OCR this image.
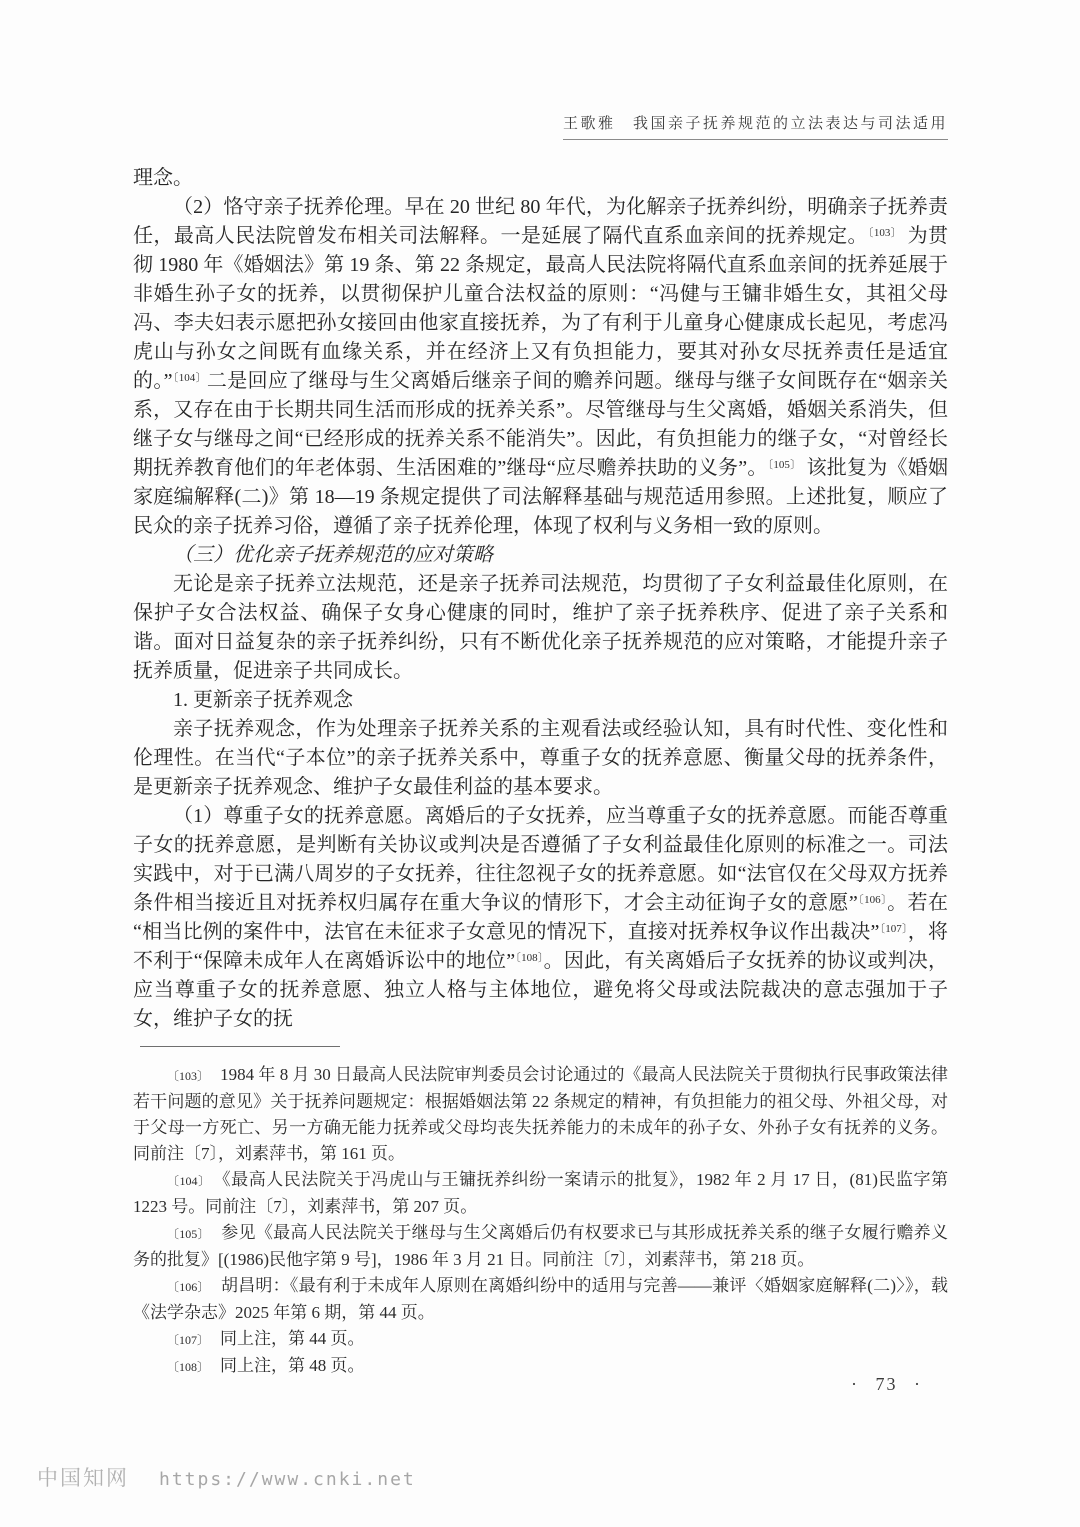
王歌雅　我国亲子抚养规范的立法表达与司法适用

理念。

（2）恪守亲子抚养伦理。早在 20 世纪 80 年代，为化解亲子抚养纠纷，明确亲子抚养责任，最高人民法院曾发布相关司法解释。一是延展了隔代直系血亲间的抚养规定。$^{〔103〕}$ 为贯彻 1980 年《婚姻法》第 19 条、第 22 条规定，最高人民法院将隔代直系血亲间的抚养延展于非婚生孙子女的抚养，以贯彻保护儿童合法权益的原则：“冯健与王镛非婚生女，其祖父母冯、李夫妇表示愿把孙女接回由他家直接抚养，为了有利于儿童身心健康成长起见，考虑冯虎山与孙女之间既有血缘关系，并在经济上又有负担能力，要其对孙女尽抚养责任是适宜的。”$^{〔104〕}$二是回应了继母与生父离婚后继亲子间的赡养问题。继母与继子女间既存在“姻亲关系，又存在由于长期共同生活而形成的抚养关系”。尽管继母与生父离婚，婚姻关系消失，但继子女与继母之间“已经形成的抚养关系不能消失”。因此，有负担能力的继子女，“对曾经长期抚养教育他们的年老体弱、生活困难的”继母“应尽赡养扶助的义务”。$^{〔105〕}$ 该批复为《婚姻家庭编解释(二)》第 18—19 条规定提供了司法解释基础与规范适用参照。上述批复，顺应了民众的亲子抚养习俗，遵循了亲子抚养伦理，体现了权利与义务相一致的原则。

（三）优化亲子抚养规范的应对策略

无论是亲子抚养立法规范，还是亲子抚养司法规范，均贯彻了子女利益最佳化原则，在保护子女合法权益、确保子女身心健康的同时，维护了亲子抚养秩序、促进了亲子关系和谐。面对日益复杂的亲子抚养纠纷，只有不断优化亲子抚养规范的应对策略，才能提升亲子抚养质量，促进亲子共同成长。

1. 更新亲子抚养观念

亲子抚养观念，作为处理亲子抚养关系的主观看法或经验认知，具有时代性、变化性和伦理性。在当代“子本位”的亲子抚养关系中，尊重子女的抚养意愿、衡量父母的抚养条件，是更新亲子抚养观念、维护子女最佳利益的基本要求。

（1）尊重子女的抚养意愿。离婚后的子女抚养，应当尊重子女的抚养意愿。而能否尊重子女的抚养意愿，是判断有关协议或判决是否遵循了子女利益最佳化原则的标准之一。司法实践中，对于已满八周岁的子女抚养，往往忽视子女的抚养意愿。如“法官仅在父母双方抚养条件相当接近且对抚养权归属存在重大争议的情形下，才会主动征询子女的意愿”$^{〔106〕}$。若在“相当比例的案件中，法官在未征求子女意见的情况下，直接对抚养权争议作出裁决”$^{〔107〕}$，将不利于“保障未成年人在离婚诉讼中的地位”$^{〔108〕}$。因此，有关离婚后子女抚养的协议或判决，应当尊重子女的抚养意愿、独立人格与主体地位，避免将父母或法院裁决的意志强加于子女，维护子女的抚

〔103〕　1984 年 8 月 30 日最高人民法院审判委员会讨论通过的《最高人民法院关于贯彻执行民事政策法律若干问题的意见》关于抚养问题规定：根据婚姻法第 22 条规定的精神，有负担能力的祖父母、外祖父母，对于父母一方死亡、另一方确无能力抚养或父母均丧失抚养能力的未成年的孙子女、外孙子女有抚养的义务。同前注〔7〕，刘素萍书，第 161 页。

〔104〕　《最高人民法院关于冯虎山与王镛抚养纠纷一案请示的批复》，1982 年 2 月 17 日，(81)民监字第 1223 号。同前注〔7〕，刘素萍书，第 207 页。

〔105〕　参见《最高人民法院关于继母与生父离婚后仍有权要求已与其形成抚养关系的继子女履行赡养义务的批复》[(1986)民他字第 9 号]，1986 年 3 月 21 日。同前注〔7〕，刘素萍书，第 218 页。

〔106〕　胡昌明：《最有利于未成年人原则在离婚纠纷中的适用与完善——兼评〈婚姻家庭解释(二)〉》，载《法学杂志》2025 年第 6 期，第 44 页。

〔107〕　同上注，第 44 页。

〔108〕　同上注，第 48 页。

· 73 ·
中国知网 https://www.cnki.net
